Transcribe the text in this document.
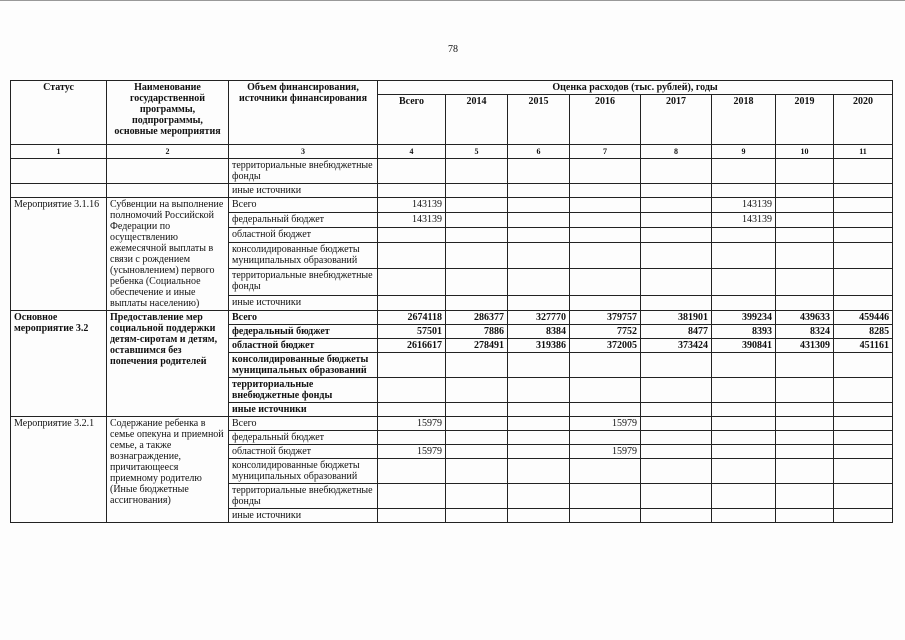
78
Статус	Наименование государственной программы, подпрограммы, основные мероприятия	Объем финансирования, источники финансирования	Оценка расходов (тыс. рублей), годы							
			Всего	2014	2015	2016	2017	2018	2019	2020
1	2	3	4	5	6	7	8	9	10	11
		территориальные внебюджетные фонды								
		иные источники								
Мероприятие 3.1.16	Субвенции на выполнение полномочий Российской Федерации по осуществлению ежемесячной выплаты в связи с рождением (усыновлением) первого ребенка (Социальное обеспечение и иные выплаты населению)	Всего	143139					143139		
		федеральный бюджет	143139					143139		
		областной бюджет								
		консолидированные бюджеты муниципальных образований								
		территориальные внебюджетные фонды								
		иные источники								
Основное мероприятие 3.2	Предоставление мер социальной поддержки детям-сиротам и детям, оставшимся без попечения родителей	Всего	2674118	286377	327770	379757	381901	399234	439633	459446
		федеральный бюджет	57501	7886	8384	7752	8477	8393	8324	8285
		областной бюджет	2616617	278491	319386	372005	373424	390841	431309	451161
		консолидированные бюджеты муниципальных образований								
		территориальные внебюджетные фонды								
		иные источники								
Мероприятие 3.2.1	Содержание ребенка в семье опекуна и приемной семье, а также вознаграждение, причитающееся приемному родителю (Иные бюджетные ассигнования)	Всего	15979			15979				
		федеральный бюджет								
		областной бюджет	15979			15979				
		консолидированные бюджеты муниципальных образований								
		территориальные внебюджетные фонды								
		иные источники								
